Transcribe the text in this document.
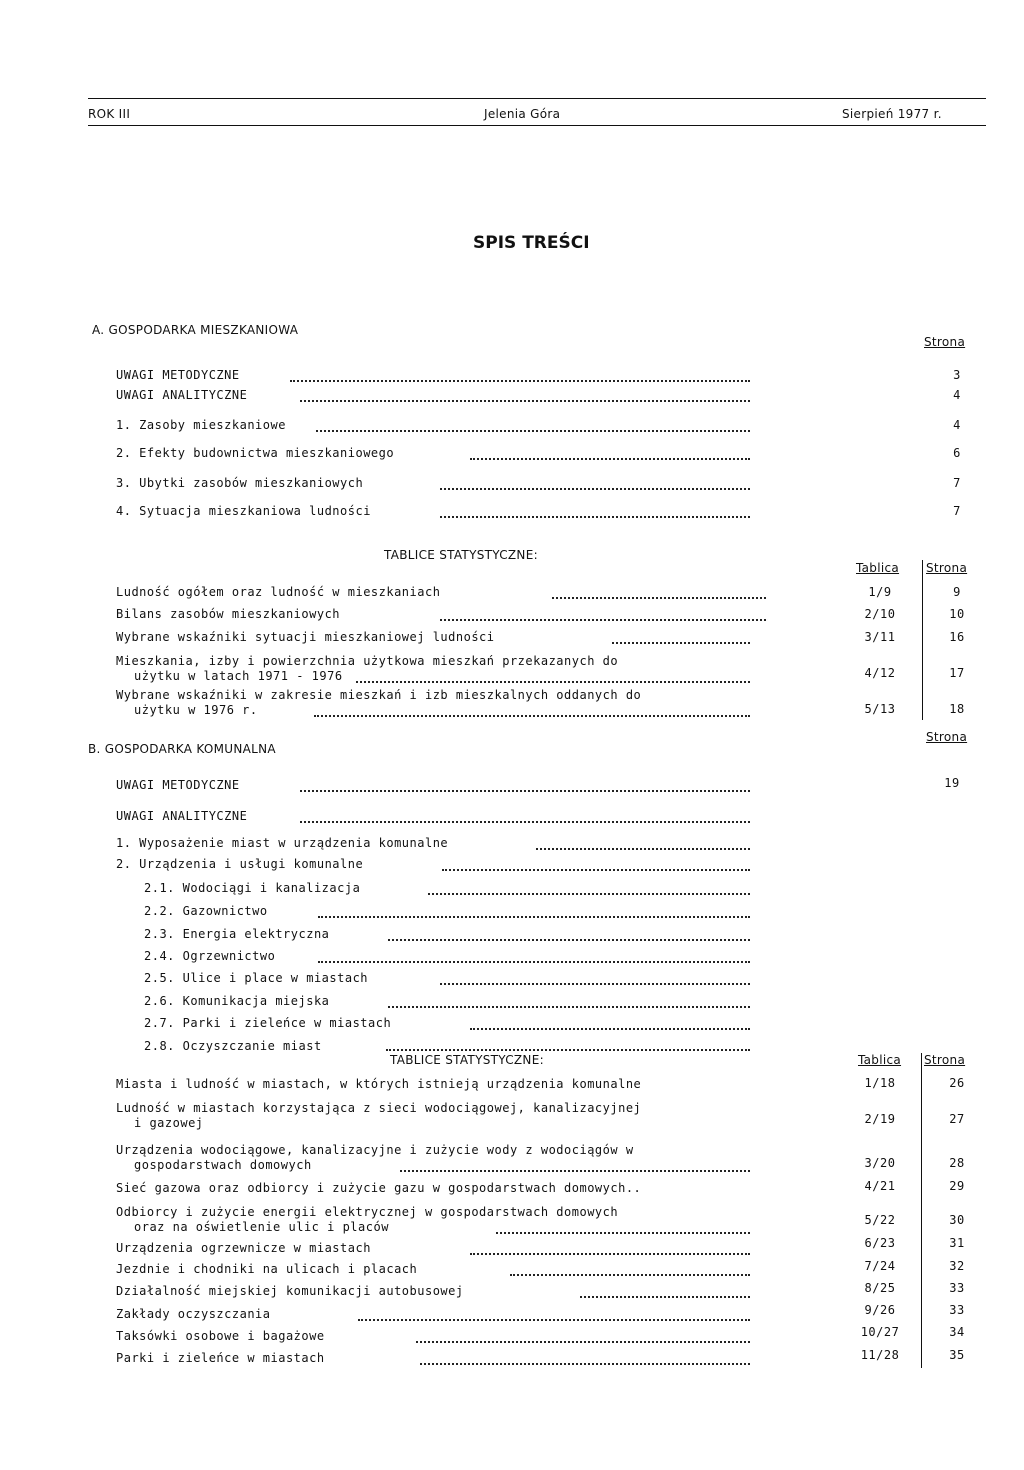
ROK III	Jelenia Góra	Sierpień 1977 r.
SPIS TREŚCI
A. GOSPODARKA MIESZKANIOWA
Strona
UWAGI METODYCZNE	3
UWAGI ANALITYCZNE	4
1. Zasoby mieszkaniowe	4
2. Efekty budownictwa mieszkaniowego	6
3. Ubytki zasobów mieszkaniowych	7
4. Sytuacja mieszkaniowa ludności	7
TABLICE STATYSTYCZNE:
Tablica Strona
Ludność ogółem oraz ludność w mieszkaniach	1/9	9
Bilans zasobów mieszkaniowych	2/10	10
Wybrane wskaźniki sytuacji mieszkaniowej ludności	3/11	16
Mieszkania, izby i powierzchnia użytkowa mieszkań przekazanych do
użytku w latach 1971 - 1976	4/12	17
Wybrane wskaźniki w zakresie mieszkań i izb mieszkalnych oddanych do
użytku w 1976 r.	5/13	18
B. GOSPODARKA KOMUNALNA
Strona
UWAGI METODYCZNE	19
UWAGI ANALITYCZNE
1. Wyposażenie miast w urządzenia komunalne
2. Urządzenia i usługi komunalne
2.1. Wodociągi i kanalizacja
2.2. Gazownictwo
2.3. Energia elektryczna
2.4. Ogrzewnictwo
2.5. Ulice i place w miastach
2.6. Komunikacja miejska
2.7. Parki i zieleńce w miastach
2.8. Oczyszczanie miast
TABLICE STATYSTYCZNE:	Tablica Strona
Miasta i ludność w miastach, w których istnieją urządzenia komunalne	1/18	26
Ludność w miastach korzystająca z sieci wodociągowej, kanalizacyjnej
i gazowej	2/19	27
Urządzenia wodociągowe, kanalizacyjne i zużycie wody z wodociągów w
gospodarstwach domowych	3/20	28
Sieć gazowa oraz odbiorcy i zużycie gazu w gospodarstwach domowych..	4/21	29
Odbiorcy i zużycie energii elektrycznej w gospodarstwach domowych
oraz na oświetlenie ulic i placów	5/22	30
Urządzenia ogrzewnicze w miastach	6/23	31
Jezdnie i chodniki na ulicach i placach	7/24	32
Działalność miejskiej komunikacji autobusowej	8/25	33
Zakłady oczyszczania	9/26	33
Taksówki osobowe i bagażowe	10/27	34
Parki i zieleńce w miastach	11/28	35
